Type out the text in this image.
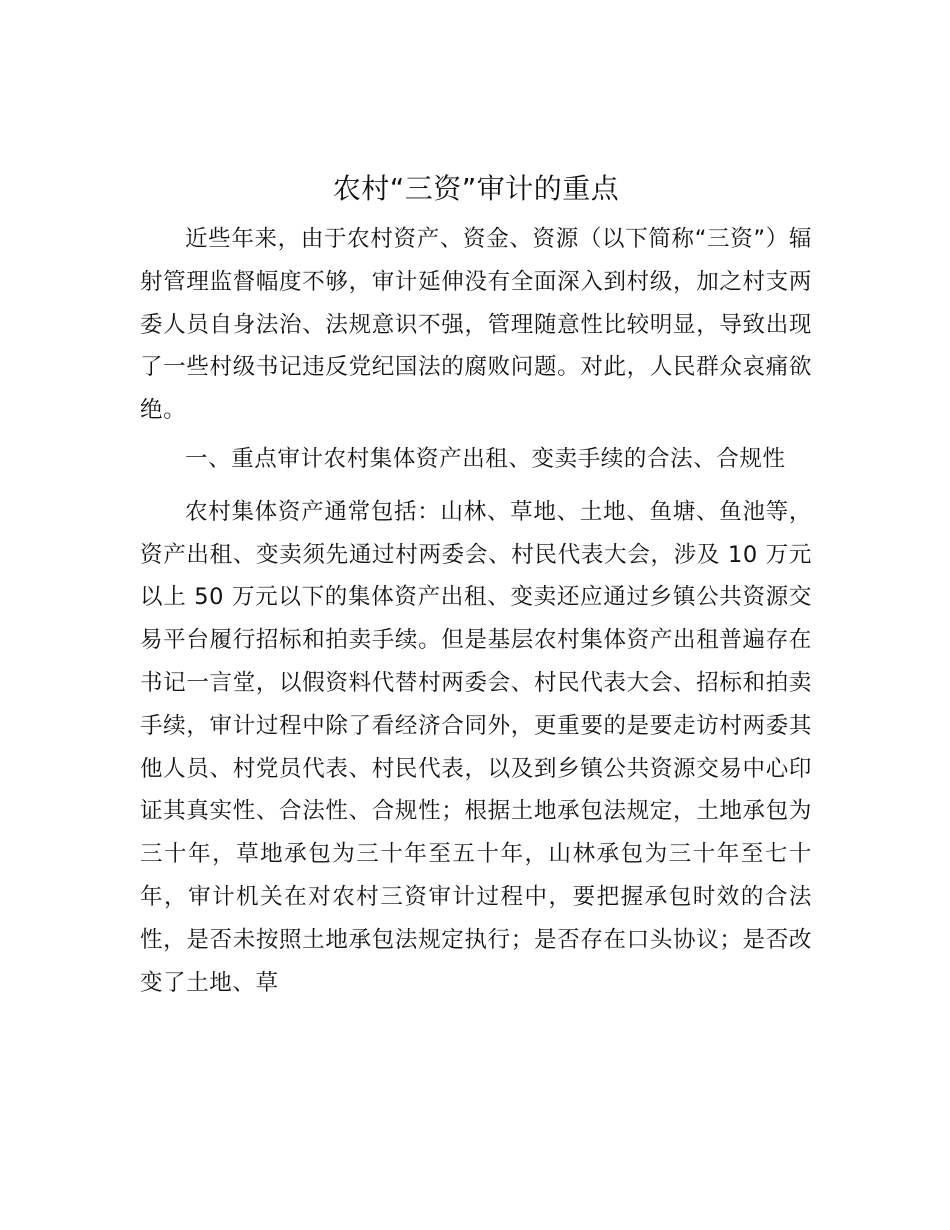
农村“三资”审计的重点

近些年来，由于农村资产、资金、资源（以下简称“三资”）辐射管理监督幅度不够，审计延伸没有全面深入到村级，加之村支两委人员自身法治、法规意识不强，管理随意性比较明显，导致出现了一些村级书记违反党纪国法的腐败问题。对此，人民群众哀痛欲绝。

一、重点审计农村集体资产出租、变卖手续的合法、合规性

农村集体资产通常包括：山林、草地、土地、鱼塘、鱼池等，资产出租、变卖须先通过村两委会、村民代表大会，涉及 10 万元以上 50 万元以下的集体资产出租、变卖还应通过乡镇公共资源交易平台履行招标和拍卖手续。但是基层农村集体资产出租普遍存在书记一言堂，以假资料代替村两委会、村民代表大会、招标和拍卖手续，审计过程中除了看经济合同外，更重要的是要走访村两委其他人员、村党员代表、村民代表，以及到乡镇公共资源交易中心印证其真实性、合法性、合规性；根据土地承包法规定，土地承包为三十年，草地承包为三十年至五十年，山林承包为三十年至七十年，审计机关在对农村三资审计过程中，要把握承包时效的合法性，是否未按照土地承包法规定执行；是否存在口头协议；是否改变了土地、草
